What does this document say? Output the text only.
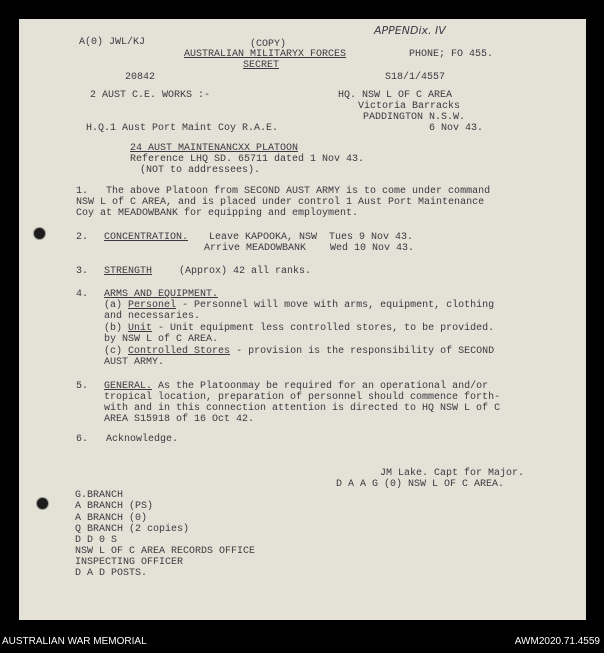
APPENDix. IV
A(0) JWL/KJ	(COPY)
AUSTRALIAN MILITARYX FORCES	PHONE; FO 455.
SECRET
20842	S18/1/4557
2 AUST C.E. WORKS :-	HQ. NSW L OF C AREA
Victoria Barracks
PADDINGTON N.S.W.
H.Q.1 Aust Port Maint Coy R.A.E.	6 Nov 43.
24 AUST MAINTENANCXX PLATOON
Reference LHQ SD. 65711 dated 1 Nov 43.
(NOT to addressees).
1.   The above Platoon from SECOND AUST ARMY is to come under command
NSW L of C AREA, and is placed under control 1 Aust Port Maintenance
Coy at MEADOWBANK for equipping and employment.
2. CONCENTRATION. Leave KAPOOKA, NSW  Tues 9 Nov 43.
Arrive MEADOWBANK    Wed 10 Nov 43.
3. STRENGTH	(Approx) 42 all ranks.
4. ARMS AND EQUIPMENT.
(a) Personel - Personnel will move with arms, equipment, clothing
and necessaries.
(b) Unit - Unit equipment less controlled stores, to be provided.
by NSW L of C AREA.
(c) Controlled Stores - provision is the responsibility of SECOND
AUST ARMY.
5. GENERAL. As the Platoonmay be required for an operational and/or
tropical location, preparation of personnel should commence forth-
with and in this connection attention is directed to HQ NSW L of C
AREA S15918 of 16 Oct 42.
6.   Acknowledge.
JM Lake. Capt for Major.
D A A G (0) NSW L OF C AREA.
G.BRANCH
A BRANCH (PS)
A BRANCH (0)
Q BRANCH (2 copies)
D D 0 S
NSW L OF C AREA RECORDS OFFICE
INSPECTING OFFICER
D A D POSTS.
AUSTRALIAN WAR MEMORIAL	AWM2020.71.4559
